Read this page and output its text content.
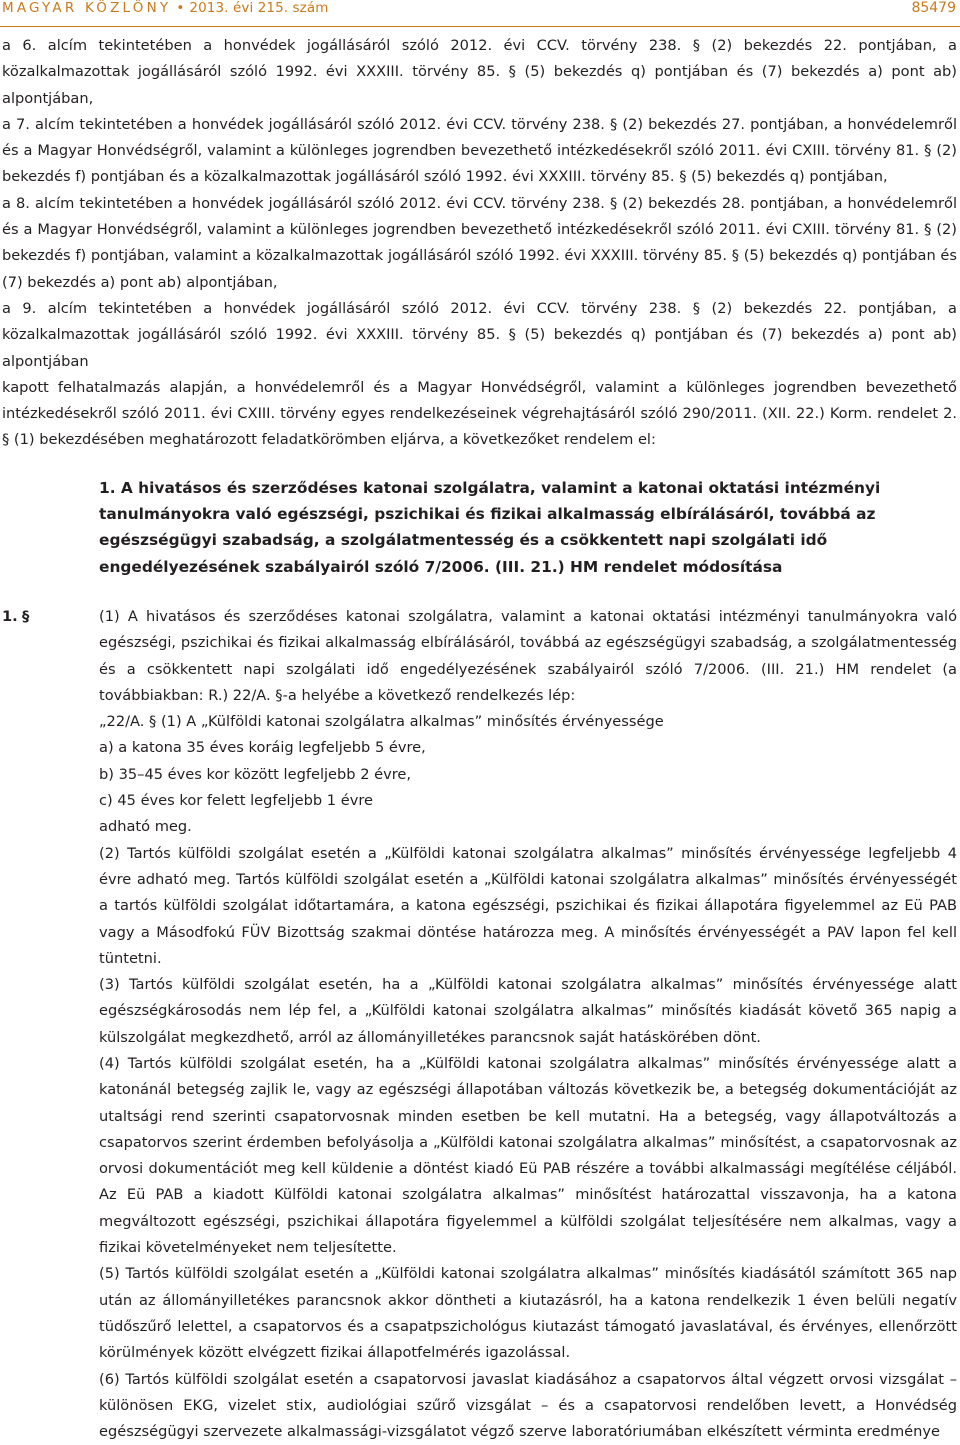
MAGYAR KÖZLÖNY • 2013. évi 215. szám	85479

a 6. alcím tekintetében a honvédek jogállásáról szóló 2012. évi CCV. törvény 238. § (2) bekezdés 22. pontjában, a közalkalmazottak jogállásáról szóló 1992. évi XXXIII. törvény 85. § (5) bekezdés q) pontjában és (7) bekezdés a) pont ab) alpontjában,

a 7. alcím tekintetében a honvédek jogállásáról szóló 2012. évi CCV. törvény 238. § (2) bekezdés 27. pontjában, a honvédelemről és a Magyar Honvédségről, valamint a különleges jogrendben bevezethető intézkedésekről szóló 2011. évi CXIII. törvény 81. § (2) bekezdés f) pontjában és a közalkalmazottak jogállásáról szóló 1992. évi XXXIII. törvény 85. § (5) bekezdés q) pontjában,

a 8. alcím tekintetében a honvédek jogállásáról szóló 2012. évi CCV. törvény 238. § (2) bekezdés 28. pontjában, a honvédelemről és a Magyar Honvédségről, valamint a különleges jogrendben bevezethető intézkedésekről szóló 2011. évi CXIII. törvény 81. § (2) bekezdés f) pontjában, valamint a közalkalmazottak jogállásáról szóló 1992. évi XXXIII. törvény 85. § (5) bekezdés q) pontjában és (7) bekezdés a) pont ab) alpontjában,

a 9. alcím tekintetében a honvédek jogállásáról szóló 2012. évi CCV. törvény 238. § (2) bekezdés 22. pontjában, a közalkalmazottak jogállásáról szóló 1992. évi XXXIII. törvény 85. § (5) bekezdés q) pontjában és (7) bekezdés a) pont ab) alpontjában

kapott felhatalmazás alapján, a honvédelemről és a Magyar Honvédségről, valamint a különleges jogrendben bevezethető intézkedésekről szóló 2011. évi CXIII. törvény egyes rendelkezéseinek végrehajtásáról szóló 290/2011. (XII. 22.) Korm. rendelet 2. § (1) bekezdésében meghatározott feladatkörömben eljárva, a következőket rendelem el:

1. A hivatásos és szerződéses katonai szolgálatra, valamint a katonai oktatási intézményi tanulmányokra való egészségi, pszichikai és fizikai alkalmasság elbírálásáról, továbbá az egészségügyi szabadság, a szolgálatmentesség és a csökkentett napi szolgálati idő engedélyezésének szabályairól szóló 7/2006. (III. 21.) HM rendelet módosítása
1. §	(1) A hivatásos és szerződéses katonai szolgálatra, valamint a katonai oktatási intézményi tanulmányokra való egészségi, pszichikai és fizikai alkalmasság elbírálásáról, továbbá az egészségügyi szabadság, a szolgálatmentesség és a csökkentett napi szolgálati idő engedélyezésének szabályairól szóló 7/2006. (III. 21.) HM rendelet (a továbbiakban: R.) 22/A. §-a helyébe a következő rendelkezés lép:

„22/A. § (1) A „Külföldi katonai szolgálatra alkalmas” minősítés érvényessége

a) a katona 35 éves koráig legfeljebb 5 évre,

b) 35–45 éves kor között legfeljebb 2 évre,

c) 45 éves kor felett legfeljebb 1 évre

adható meg.

(2) Tartós külföldi szolgálat esetén a „Külföldi katonai szolgálatra alkalmas” minősítés érvényessége legfeljebb 4 évre adható meg. Tartós külföldi szolgálat esetén a „Külföldi katonai szolgálatra alkalmas” minősítés érvényességét a tartós külföldi szolgálat időtartamára, a katona egészségi, pszichikai és fizikai állapotára figyelemmel az Eü PAB vagy a Másodfokú FÜV Bizottság szakmai döntése határozza meg. A minősítés érvényességét a PAV lapon fel kell tüntetni.

(3) Tartós külföldi szolgálat esetén, ha a „Külföldi katonai szolgálatra alkalmas” minősítés érvényessége alatt egészségkárosodás nem lép fel, a „Külföldi katonai szolgálatra alkalmas” minősítés kiadását követő 365 napig a külszolgálat megkezdhető, arról az állományilletékes parancsnok saját hatáskörében dönt.

(4) Tartós külföldi szolgálat esetén, ha a „Külföldi katonai szolgálatra alkalmas” minősítés érvényessége alatt a katonánál betegség zajlik le, vagy az egészségi állapotában változás következik be, a betegség dokumentációját az utaltsági rend szerinti csapatorvosnak minden esetben be kell mutatni. Ha a betegség, vagy állapotváltozás a csapatorvos szerint érdemben befolyásolja a „Külföldi katonai szolgálatra alkalmas” minősítést, a csapatorvosnak az orvosi dokumentációt meg kell küldenie a döntést kiadó Eü PAB részére a további alkalmassági megítélése céljából. Az Eü PAB a kiadott Külföldi katonai szolgálatra alkalmas” minősítést határozattal visszavonja, ha a katona megváltozott egészségi, pszichikai állapotára figyelemmel a külföldi szolgálat teljesítésére nem alkalmas, vagy a fizikai követelményeket nem teljesítette.

(5) Tartós külföldi szolgálat esetén a „Külföldi katonai szolgálatra alkalmas” minősítés kiadásától számított 365 nap után az állományilletékes parancsnok akkor döntheti a kiutazásról, ha a katona rendelkezik 1 éven belüli negatív tüdőszűrő lelettel, a csapatorvos és a csapatpszichológus kiutazást támogató javaslatával, és érvényes, ellenőrzött körülmények között elvégzett fizikai állapotfelmérés igazolással.

(6) Tartós külföldi szolgálat esetén a csapatorvosi javaslat kiadásához a csapatorvos által végzett orvosi vizsgálat – különösen EKG, vizelet stix, audiológiai szűrő vizsgálat – és a csapatorvosi rendelőben levett, a Honvédség egészségügyi szervezete alkalmassági-vizsgálatot végző szerve laboratóriumában elkészített vérminta eredménye
